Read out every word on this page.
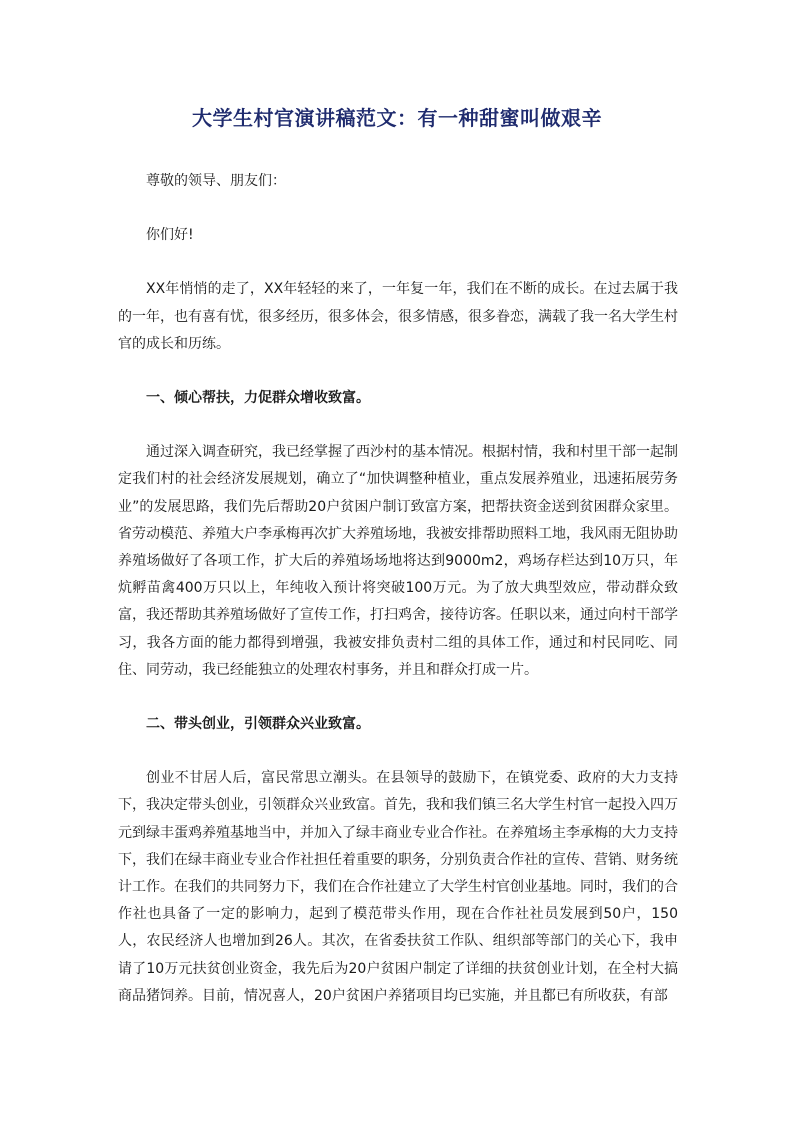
大学生村官演讲稿范文：有一种甜蜜叫做艰辛

尊敬的领导、朋友们：

你们好!

XX年悄悄的走了，XX年轻轻的来了，一年复一年，我们在不断的成长。在过去属于我的一年，也有喜有忧，很多经历，很多体会，很多情感，很多眷恋，满载了我一名大学生村官的成长和历练。

一、倾心帮扶，力促群众增收致富。

通过深入调查研究，我已经掌握了西沙村的基本情况。根据村情，我和村里干部一起制定我们村的社会经济发展规划，确立了“加快调整种植业，重点发展养殖业，迅速拓展劳务业”的发展思路，我们先后帮助20户贫困户制订致富方案，把帮扶资金送到贫困群众家里。省劳动模范、养殖大户李承梅再次扩大养殖场地，我被安排帮助照料工地，我风雨无阻协助养殖场做好了各项工作，扩大后的养殖场场地将达到9000m2，鸡场存栏达到10万只，年炕孵苗禽400万只以上，年纯收入预计将突破100万元。为了放大典型效应，带动群众致富，我还帮助其养殖场做好了宣传工作，打扫鸡舍，接待访客。任职以来，通过向村干部学习，我各方面的能力都得到增强，我被安排负责村二组的具体工作，通过和村民同吃、同住、同劳动，我已经能独立的处理农村事务，并且和群众打成一片。

二、带头创业，引领群众兴业致富。

创业不甘居人后，富民常思立潮头。在县领导的鼓励下，在镇党委、政府的大力支持下，我决定带头创业，引领群众兴业致富。首先，我和我们镇三名大学生村官一起投入四万元到绿丰蛋鸡养殖基地当中，并加入了绿丰商业专业合作社。在养殖场主李承梅的大力支持下，我们在绿丰商业专业合作社担任着重要的职务，分别负责合作社的宣传、营销、财务统计工作。在我们的共同努力下，我们在合作社建立了大学生村官创业基地。同时，我们的合作社也具备了一定的影响力，起到了模范带头作用，现在合作社社员发展到50户，150人，农民经济人也增加到26人。其次，在省委扶贫工作队、组织部等部门的关心下，我申请了10万元扶贫创业资金，我先后为20户贫困户制定了详细的扶贫创业计划，在全村大搞商品猪饲养。目前，情况喜人，20户贫困户养猪项目均已实施，并且都已有所收获，有部
